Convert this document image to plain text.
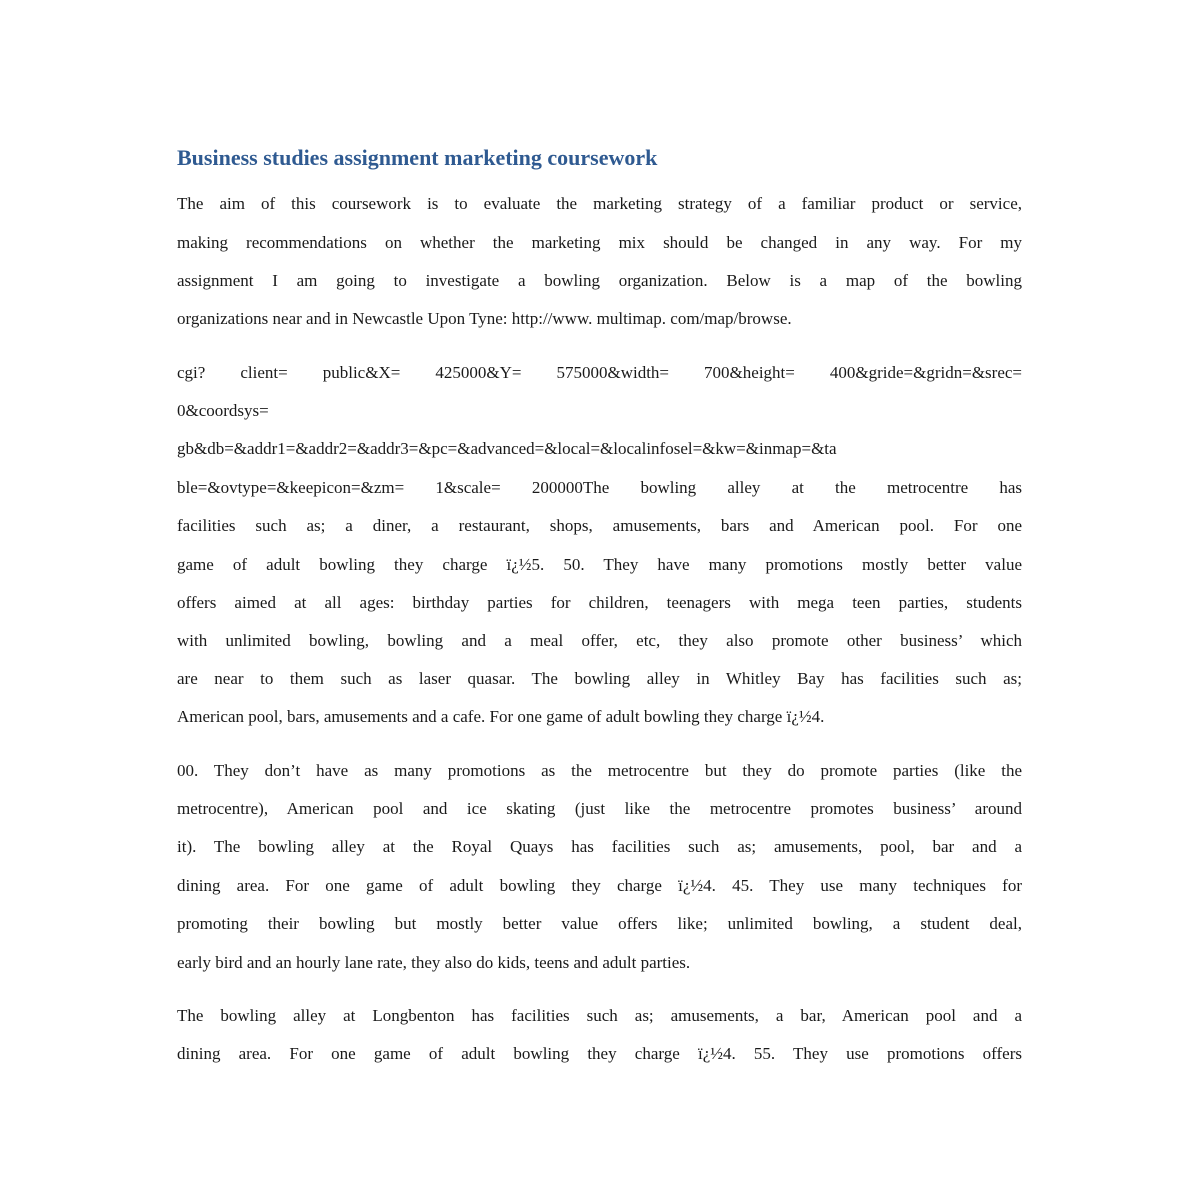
Business studies assignment marketing coursework

The aim of this coursework is to evaluate the marketing strategy of a familiar product or service,

making recommendations on whether the marketing mix should be changed in any way. For my

assignment I am going to investigate a bowling organization. Below is a map of the bowling

organizations near and in Newcastle Upon Tyne: http://www. multimap. com/map/browse.

cgi? client= public&X= 425000&Y= 575000&width= 700&height= 400&gride=&gridn=&srec=

0&coordsys=

gb&db=&addr1=&addr2=&addr3=&pc=&advanced=&local=&localinfosel=&kw=&inmap=&ta

ble=&ovtype=&keepicon=&zm= 1&scale= 200000The bowling alley at the metrocentre has

facilities such as; a diner, a restaurant, shops, amusements, bars and American pool. For one

game of adult bowling they charge ï¿½5. 50. They have many promotions mostly better value

offers aimed at all ages: birthday parties for children, teenagers with mega teen parties, students

with unlimited bowling, bowling and a meal offer, etc, they also promote other business’ which

are near to them such as laser quasar. The bowling alley in Whitley Bay has facilities such as;

American pool, bars, amusements and a cafe. For one game of adult bowling they charge ï¿½4.

00. They don’t have as many promotions as the metrocentre but they do promote parties (like the

metrocentre), American pool and ice skating (just like the metrocentre promotes business’ around

it). The bowling alley at the Royal Quays has facilities such as; amusements, pool, bar and a

dining area. For one game of adult bowling they charge ï¿½4. 45. They use many techniques for

promoting their bowling but mostly better value offers like; unlimited bowling, a student deal,

early bird and an hourly lane rate, they also do kids, teens and adult parties.

The bowling alley at Longbenton has facilities such as; amusements, a bar, American pool and a

dining area. For one game of adult bowling they charge ï¿½4. 55. They use promotions offers
